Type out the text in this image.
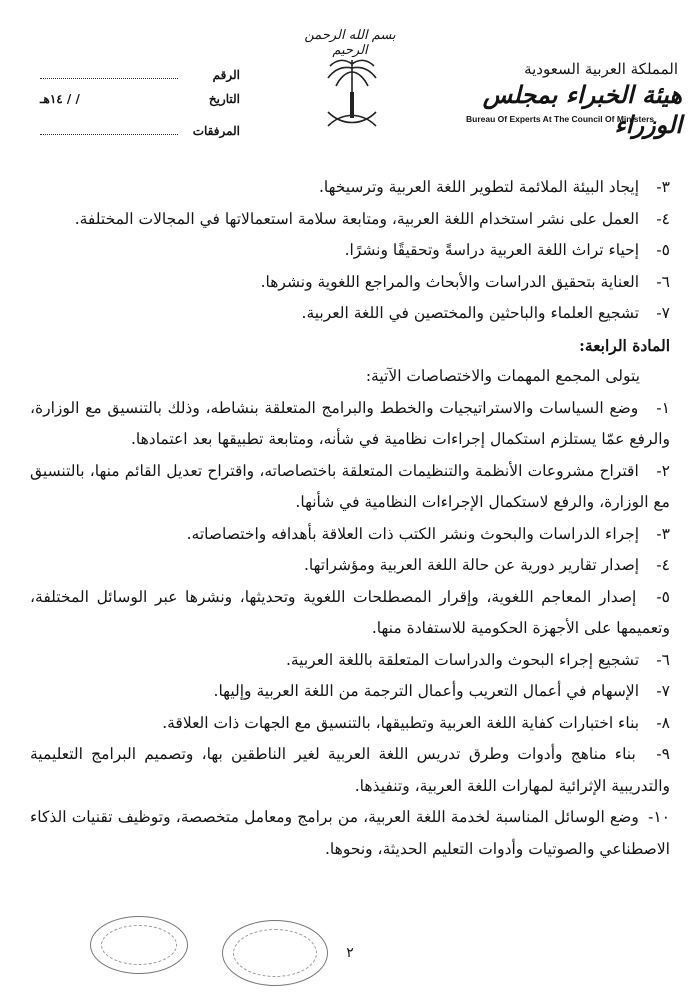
بسم الله الرحمن الرحيم
المملكة العربية السعودية
هيئة الخبراء بمجلس الوزراء
Bureau Of Experts At The Council Of Ministers
الرقم
التاريخ
/ / ١٤هـ
المرفقات
٣- إيجاد البيئة الملائمة لتطوير اللغة العربية وترسيخها.
٤- العمل على نشر استخدام اللغة العربية، ومتابعة سلامة استعمالاتها في المجالات المختلفة.
٥- إحياء تراث اللغة العربية دراسةً وتحقيقًا ونشرًا.
٦- العناية بتحقيق الدراسات والأبحاث والمراجع اللغوية ونشرها.
٧- تشجيع العلماء والباحثين والمختصين في اللغة العربية.
المادة الرابعة:
يتولى المجمع المهمات والاختصاصات الآتية:
١- وضع السياسات والاستراتيجيات والخطط والبرامج المتعلقة بنشاطه، وذلك بالتنسيق مع الوزارة، والرفع عمّا يستلزم استكمال إجراءات نظامية في شأنه، ومتابعة تطبيقها بعد اعتمادها.
٢- اقتراح مشروعات الأنظمة والتنظيمات المتعلقة باختصاصاته، واقتراح تعديل القائم منها، بالتنسيق مع الوزارة، والرفع لاستكمال الإجراءات النظامية في شأنها.
٣- إجراء الدراسات والبحوث ونشر الكتب ذات العلاقة بأهدافه واختصاصاته.
٤- إصدار تقارير دورية عن حالة اللغة العربية ومؤشراتها.
٥- إصدار المعاجم اللغوية، وإقرار المصطلحات اللغوية وتحديثها، ونشرها عبر الوسائل المختلفة، وتعميمها على الأجهزة الحكومية للاستفادة منها.
٦- تشجيع إجراء البحوث والدراسات المتعلقة باللغة العربية.
٧- الإسهام في أعمال التعريب وأعمال الترجمة من اللغة العربية وإليها.
٨- بناء اختبارات كفاية اللغة العربية وتطبيقها، بالتنسيق مع الجهات ذات العلاقة.
٩- بناء مناهج وأدوات وطرق تدريس اللغة العربية لغير الناطقين بها، وتصميم البرامج التعليمية والتدريبية الإثرائية لمهارات اللغة العربية، وتنفيذها.
١٠- وضع الوسائل المناسبة لخدمة اللغة العربية، من برامج ومعامل متخصصة، وتوظيف تقنيات الذكاء الاصطناعي والصوتيات وأدوات التعليم الحديثة، ونحوها.
٢
